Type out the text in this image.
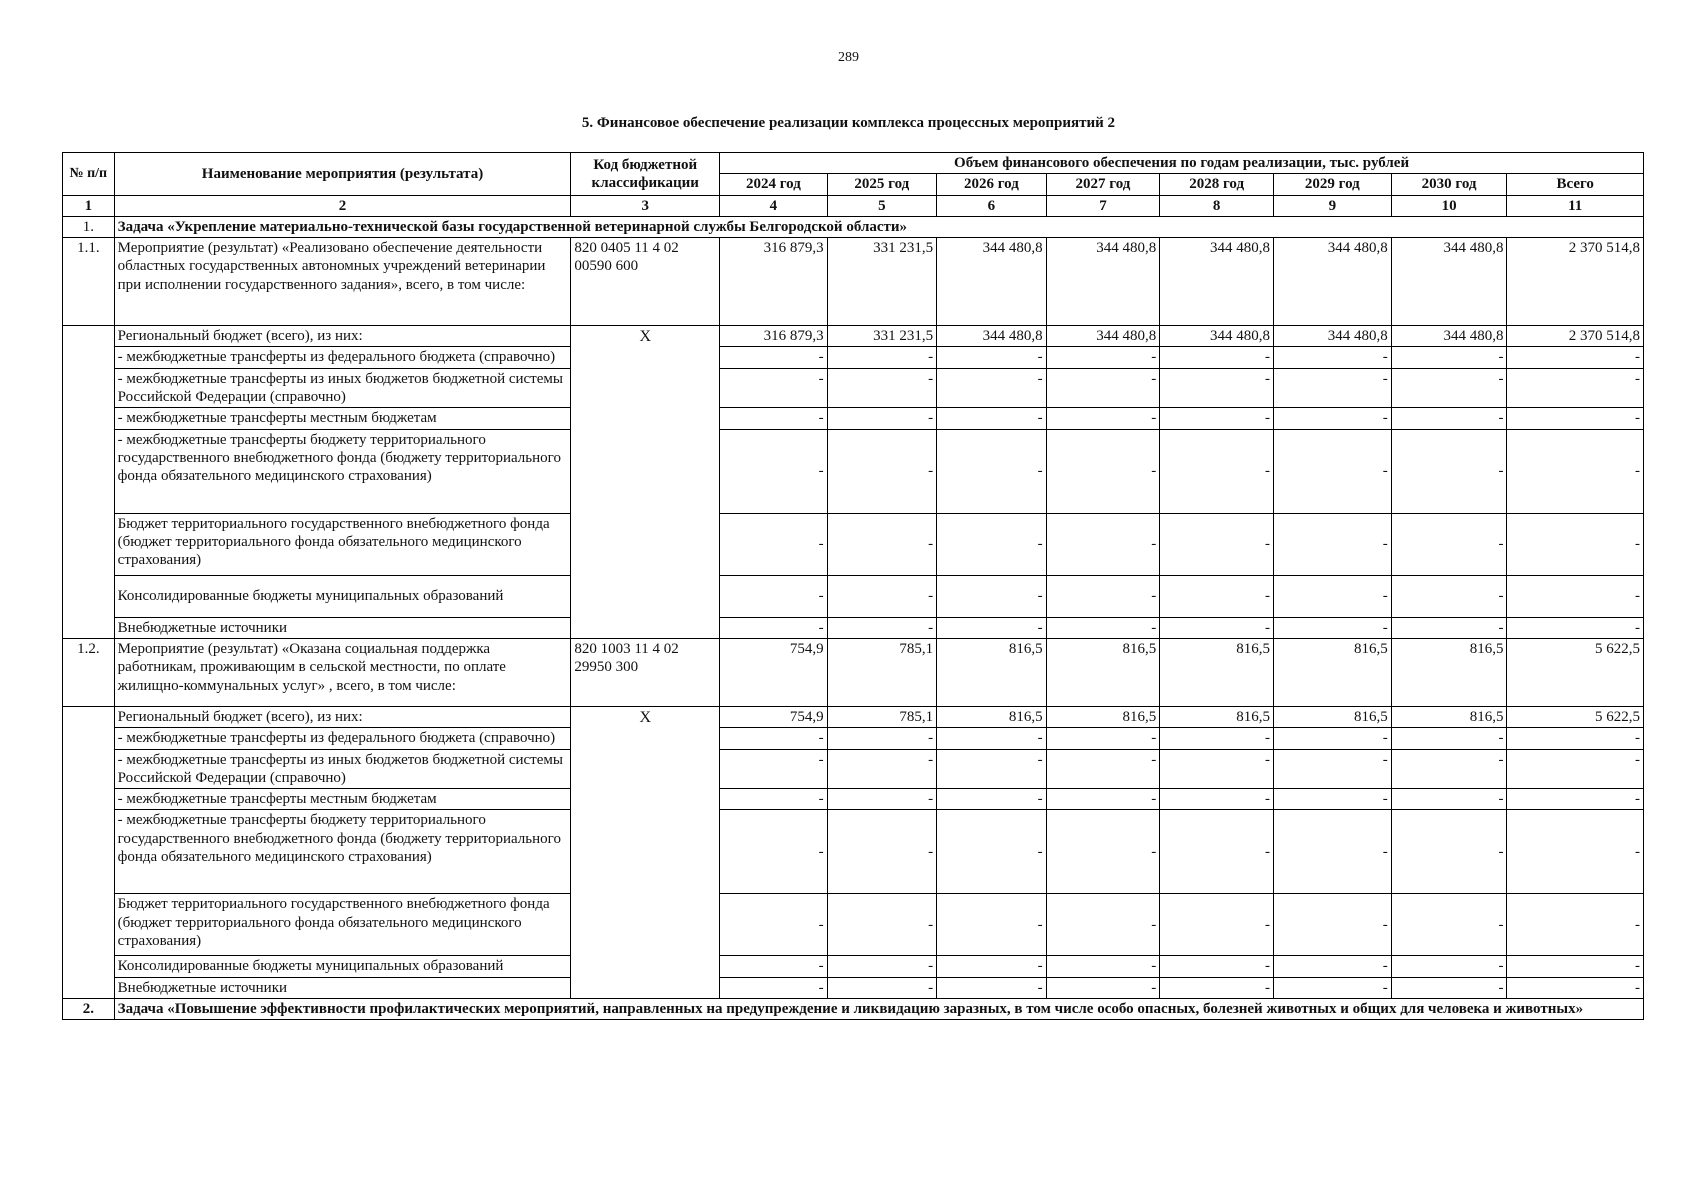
289
5. Финансовое обеспечение реализации комплекса процессных мероприятий 2
№ п/п	Наименование мероприятия (результата)	Код бюджетной классификации	Объем финансового обеспечения по годам реализации, тыс. рублей							
			2024 год	2025 год	2026 год	2027 год	2028 год	2029 год	2030 год	Всего
1	2	3	4	5	6	7	8	9	10	11
1.	Задача «Укрепление материально-технической базы государственной ветеринарной службы Белгородской области»									
1.1.	Мероприятие (результат) «Реализовано обеспечение деятельности областных государственных автономных учреждений ветеринарии при исполнении государственного задания», всего, в том числе:	820 0405 11 4 02 00590 600	316 879,3	331 231,5	344 480,8	344 480,8	344 480,8	344 480,8	344 480,8	2 370 514,8
	Региональный бюджет (всего), из них:	X	316 879,3	331 231,5	344 480,8	344 480,8	344 480,8	344 480,8	344 480,8	2 370 514,8
	- межбюджетные трансферты из федерального бюджета (справочно)		-	-	-	-	-	-	-	-
	- межбюджетные трансферты из иных бюджетов бюджетной системы Российской Федерации (справочно)		-	-	-	-	-	-	-	-
	- межбюджетные трансферты местным бюджетам		-	-	-	-	-	-	-	-
	- межбюджетные трансферты бюджету территориального государственного внебюджетного фонда (бюджету территориального фонда обязательного медицинского страхования)		-	-	-	-	-	-	-	-
	Бюджет территориального государственного внебюджетного фонда (бюджет территориального фонда обязательного медицинского страхования)		-	-	-	-	-	-	-	-
	Консолидированные бюджеты муниципальных образований		-	-	-	-	-	-	-	-
	Внебюджетные источники		-	-	-	-	-	-	-	-
1.2.	Мероприятие (результат) «Оказана социальная поддержка работникам, проживающим в сельской местности, по оплате жилищно-коммунальных услуг» , всего, в том числе:	820 1003 11 4 02 29950 300	754,9	785,1	816,5	816,5	816,5	816,5	816,5	5 622,5
	Региональный бюджет (всего), из них:	X	754,9	785,1	816,5	816,5	816,5	816,5	816,5	5 622,5
	- межбюджетные трансферты из федерального бюджета (справочно)		-	-	-	-	-	-	-	-
	- межбюджетные трансферты из иных бюджетов бюджетной системы Российской Федерации (справочно)		-	-	-	-	-	-	-	-
	- межбюджетные трансферты местным бюджетам		-	-	-	-	-	-	-	-
	- межбюджетные трансферты бюджету территориального государственного внебюджетного фонда (бюджету территориального фонда обязательного медицинского страхования)		-	-	-	-	-	-	-	-
	Бюджет территориального государственного внебюджетного фонда (бюджет территориального фонда обязательного медицинского страхования)		-	-	-	-	-	-	-	-
	Консолидированные бюджеты муниципальных образований		-	-	-	-	-	-	-	-
	Внебюджетные источники		-	-	-	-	-	-	-	-
2.	Задача «Повышение эффективности профилактических мероприятий, направленных на предупреждение и ликвидацию заразных, в том числе особо опасных, болезней животных и общих для человека и животных»									
